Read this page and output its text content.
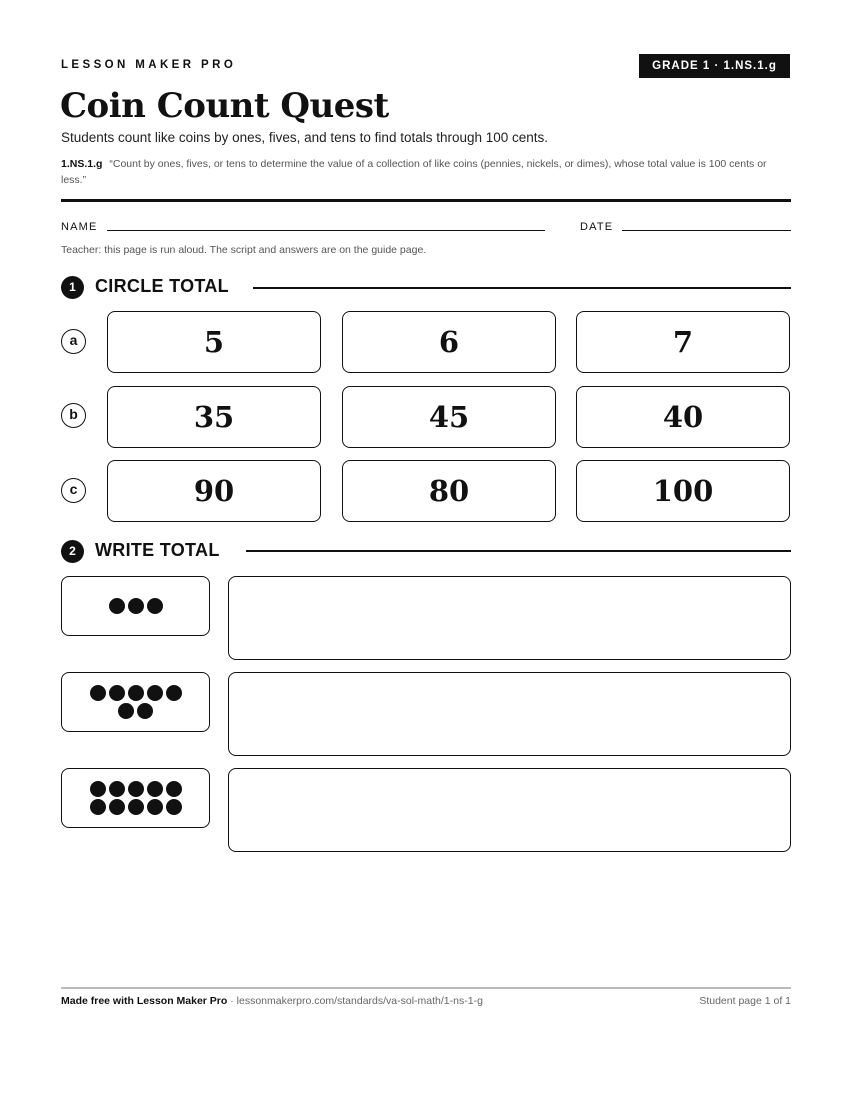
LESSON MAKER PRO	GRADE 1 · 1.NS.1.g
Coin Count Quest
Students count like coins by ones, fives, and tens to find totals through 100 cents.
1.NS.1.g “Count by ones, fives, or tens to determine the value of a collection of like coins (pennies, nickels, or dimes), whose total value is 100 cents or less.”
NAME	DATE
Teacher: this page is run aloud. The script and answers are on the guide page.
1	CIRCLE TOTAL
a	5	6	7
b	35	45	40
c	90	80	100
2	WRITE TOTAL
Made free with Lesson Maker Pro · lessonmakerpro.com/standards/va-sol-math/1-ns-1-g	Student page 1 of 1
